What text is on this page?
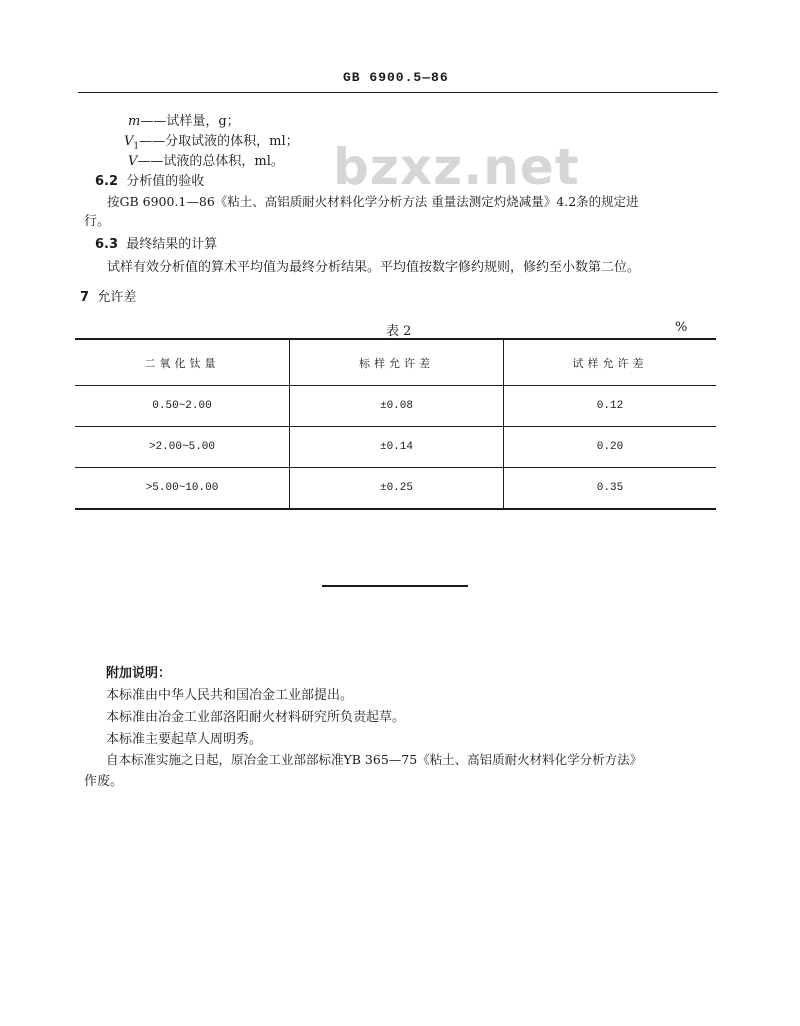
GB 6900.5—86
bzxz.net
m——试样量，g；
$V_1——$分取试液的体积，ml；
V——试液的总体积，ml。
6.2 分析值的验收
按GB 6900.1—86《粘土、高铝质耐火材料化学分析方法 重量法测定灼烧减量》4.2条的规定进
行。
6.3 最终结果的计算
试样有效分析值的算术平均值为最终分析结果。平均值按数字修约规则，修约至小数第二位。
7 允许差
表 2	%
二氧化钛量	标样允许差	试样允许差
0.50~2.00	±0.08	0.12
>2.00~5.00	±0.14	0.20
>5.00~10.00	±0.25	0.35
附加说明：
本标准由中华人民共和国冶金工业部提出。
本标准由冶金工业部洛阳耐火材料研究所负责起草。
本标准主要起草人周明秀。
自本标准实施之日起，原冶金工业部部标准YB 365—75《粘土、高铝质耐火材料化学分析方法》
作废。
